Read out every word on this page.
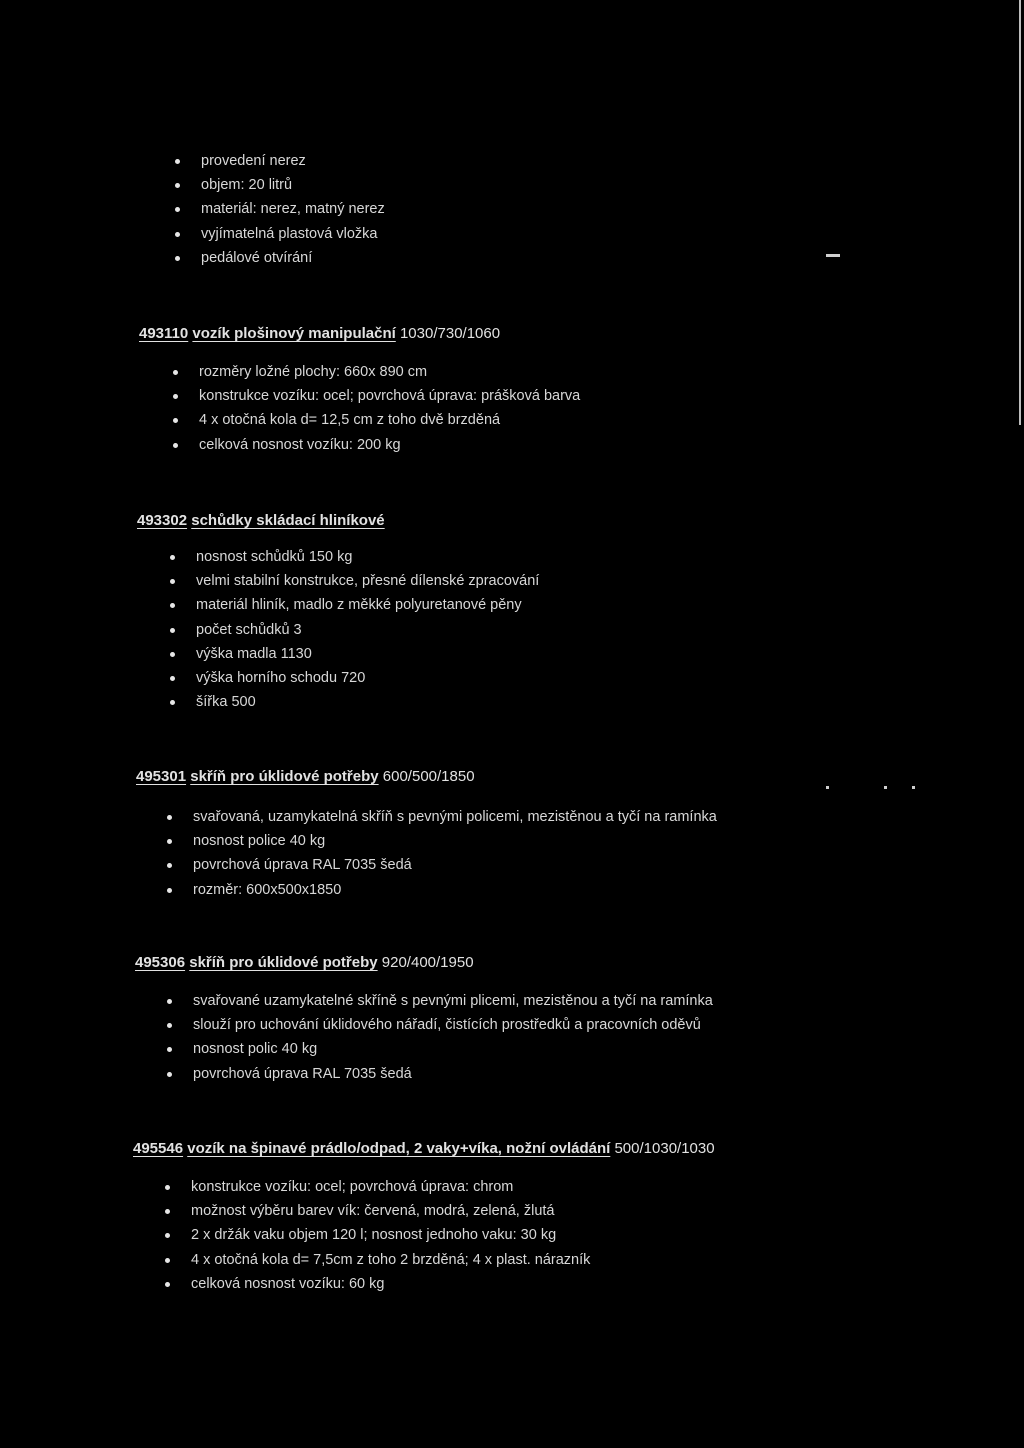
provedení nerez
objem: 20 litrů
materiál: nerez, matný nerez
vyjímatelná plastová vložka
pedálové otvírání
493110 vozík plošinový manipulační 1030/730/1060
rozměry ložné plochy: 660x 890 cm
konstrukce vozíku: ocel; povrchová úprava: prášková barva
4 x otočná kola d= 12,5 cm z toho dvě brzděná
celková nosnost vozíku: 200 kg
493302 schůdky skládací hliníkové
nosnost schůdků 150 kg
velmi stabilní konstrukce, přesné dílenské zpracování
materiál hliník, madlo z měkké polyuretanové pěny
počet schůdků 3
výška madla 1130
výška horního schodu 720
šířka 500
495301 skříň pro úklidové potřeby 600/500/1850
svařovaná, uzamykatelná skříň s pevnými policemi, mezistěnou a tyčí na ramínka
nosnost police 40 kg
povrchová úprava RAL 7035 šedá
rozměr: 600x500x1850
495306 skříň pro úklidové potřeby 920/400/1950
svařované uzamykatelné skříně s pevnými plicemi, mezistěnou a tyčí na ramínka
slouží pro uchování úklidového nářadí, čistících prostředků a pracovních oděvů
nosnost polic 40 kg
povrchová úprava RAL 7035 šedá
495546 vozík na špinavé prádlo/odpad, 2 vaky+víka, nožní ovládání 500/1030/1030
konstrukce vozíku: ocel; povrchová úprava: chrom
možnost výběru barev vík: červená, modrá, zelená, žlutá
2 x držák vaku objem 120 l; nosnost jednoho vaku: 30 kg
4 x otočná kola d= 7,5cm z toho 2 brzděná; 4 x plast. nárazník
celková nosnost vozíku: 60 kg
